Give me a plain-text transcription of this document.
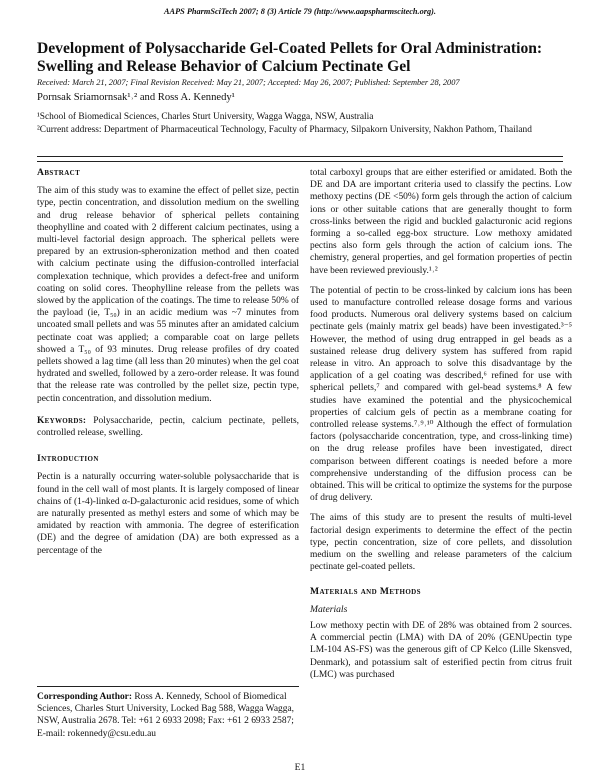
AAPS PharmSciTech 2007; 8 (3) Article 79 (http://www.aapspharmscitech.org).
Development of Polysaccharide Gel-Coated Pellets for Oral Administration: Swelling and Release Behavior of Calcium Pectinate Gel
Received: March 21, 2007; Final Revision Received: May 21, 2007; Accepted: May 26, 2007; Published: September 28, 2007
Pornsak Sriamornsak¹˒² and Ross A. Kennedy¹
¹School of Biomedical Sciences, Charles Sturt University, Wagga Wagga, NSW, Australia
²Current address: Department of Pharmaceutical Technology, Faculty of Pharmacy, Silpakorn University, Nakhon Pathom, Thailand
Abstract

The aim of this study was to examine the effect of pellet size, pectin type, pectin concentration, and dissolution medium on the swelling and drug release behavior of spherical pellets containing theophylline and coated with 2 different calcium pectinates, using a multi-level factorial design approach. The spherical pellets were prepared by an extrusion-spheronization method and then coated with calcium pectinate using the diffusion-controlled interfacial complexation technique, which provides a defect-free and uniform coating on solid cores. Theophylline release from the pellets was slowed by the application of the coatings. The time to release 50% of the payload (ie, T₅₀) in an acidic medium was ~7 minutes from uncoated small pellets and was 55 minutes after an amidated calcium pectinate coat was applied; a comparable coat on large pellets showed a T₅₀ of 93 minutes. Drug release profiles of dry coated pellets showed a lag time (all less than 20 minutes) when the gel coat hydrated and swelled, followed by a zero-order release. It was found that the release rate was controlled by the pellet size, pectin type, pectin concentration, and dissolution medium.

Keywords: Polysaccharide, pectin, calcium pectinate, pellets, controlled release, swelling.

Introduction

Pectin is a naturally occurring water-soluble polysaccharide that is found in the cell wall of most plants. It is largely composed of linear chains of (1-4)-linked α-D-galacturonic acid residues, some of which are naturally presented as methyl esters and some of which may be amidated by reaction with ammonia. The degree of esterification (DE) and the degree of amidation (DA) are both expressed as a percentage of the

Corresponding Author: Ross A. Kennedy, School of Biomedical Sciences, Charles Sturt University, Locked Bag 588, Wagga Wagga, NSW, Australia 2678. Tel: +61 2 6933 2098; Fax: +61 2 6933 2587; E-mail: rokennedy@csu.edu.au

total carboxyl groups that are either esterified or amidated. Both the DE and DA are important criteria used to classify the pectins. Low methoxy pectins (DE <50%) form gels through the action of calcium ions or other suitable cations that are generally thought to form cross-links between the rigid and buckled galacturonic acid regions forming a so-called egg-box structure. Low methoxy amidated pectins also form gels through the action of calcium ions. The chemistry, general properties, and gel formation properties of pectin have been reviewed previously.¹˒²

The potential of pectin to be cross-linked by calcium ions has been used to manufacture controlled release dosage forms and various food products. Numerous oral delivery systems based on calcium pectinate gels (mainly matrix gel beads) have been investigated.³⁻⁵ However, the method of using drug entrapped in gel beads as a sustained release drug delivery system has suffered from rapid release in vitro. An approach to solve this disadvantage by the application of a gel coating was described,⁶ refined for use with spherical pellets,⁷ and compared with gel-bead systems.⁸ A few studies have examined the potential and the physicochemical properties of calcium gels of pectin as a membrane coating for controlled release systems.⁷˒⁹˒¹⁰ Although the effect of formulation factors (polysaccharide concentration, type, and cross-linking time) on the drug release profiles have been investigated, direct comparison between different coatings is needed before a more comprehensive understanding of the diffusion process can be obtained. This will be critical to optimize the systems for the purpose of drug delivery.

The aims of this study are to present the results of multi-level factorial design experiments to determine the effect of the pectin type, pectin concentration, size of core pellets, and dissolution medium on the swelling and release parameters of the calcium pectinate gel-coated pellets.

Materials and Methods
Materials

Low methoxy pectin with DE of 28% was obtained from 2 sources. A commercial pectin (LMA) with DA of 20% (GENUpectin type LM-104 AS-FS) was the generous gift of CP Kelco (Lille Skensved, Denmark), and potassium salt of esterified pectin from citrus fruit (LMC) was purchased

E1
